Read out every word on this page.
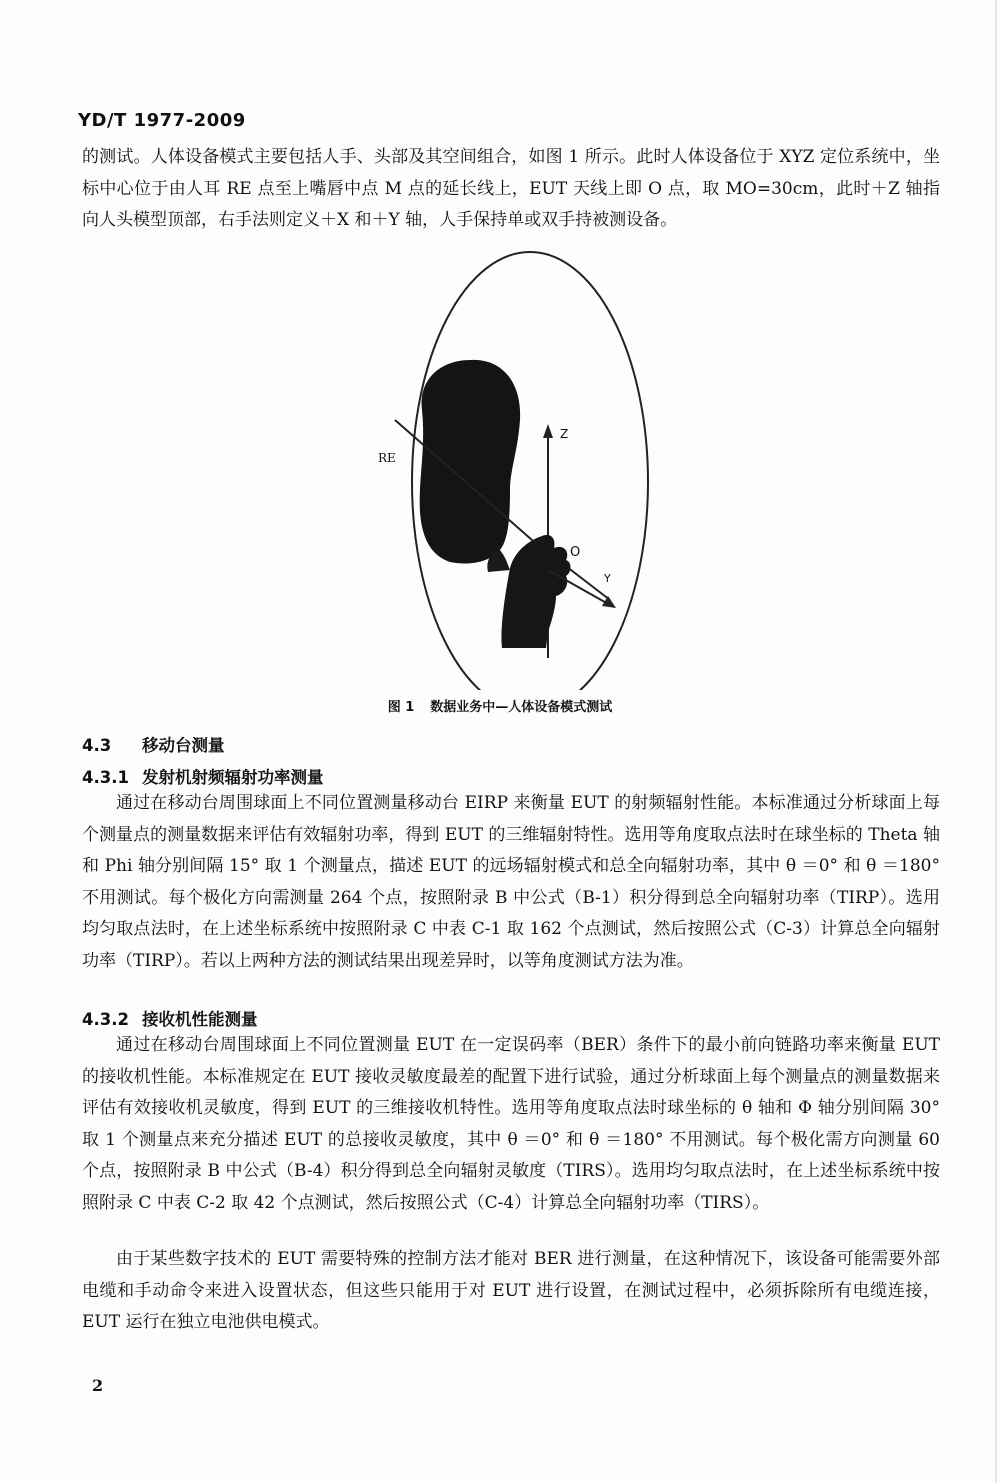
YD/T 1977-2009
的测试。人体设备模式主要包括人手、头部及其空间组合，如图 1 所示。此时人体设备位于 XYZ 定位系统中，坐标中心位于由人耳 RE 点至上嘴唇中点 M 点的延长线上，EUT 天线上即 O 点，取 MO=30cm，此时＋Z 轴指向人头模型顶部，右手法则定义＋X 和＋Y 轴，人手保持单或双手持被测设备。
RE
Z
O
Y
图 1 数据业务中—人体设备模式测试
4.3 移动台测量
4.3.1 发射机射频辐射功率测量
通过在移动台周围球面上不同位置测量移动台 EIRP 来衡量 EUT 的射频辐射性能。本标准通过分析球面上每个测量点的测量数据来评估有效辐射功率，得到 EUT 的三维辐射特性。选用等角度取点法时在球坐标的 Theta 轴和 Phi 轴分别间隔 15° 取 1 个测量点，描述 EUT 的远场辐射模式和总全向辐射功率，其中 θ ＝0° 和 θ ＝180° 不用测试。每个极化方向需测量 264 个点，按照附录 B 中公式（B-1）积分得到总全向辐射功率（TIRP）。选用均匀取点法时，在上述坐标系统中按照附录 C 中表 C-1 取 162 个点测试，然后按照公式（C-3）计算总全向辐射功率（TIRP）。若以上两种方法的测试结果出现差异时，以等角度测试方法为准。
4.3.2 接收机性能测量
通过在移动台周围球面上不同位置测量 EUT 在一定误码率（BER）条件下的最小前向链路功率来衡量 EUT 的接收机性能。本标准规定在 EUT 接收灵敏度最差的配置下进行试验，通过分析球面上每个测量点的测量数据来评估有效接收机灵敏度，得到 EUT 的三维接收机特性。选用等角度取点法时球坐标的 θ 轴和 Φ 轴分别间隔 30° 取 1 个测量点来充分描述 EUT 的总接收灵敏度，其中 θ ＝0° 和 θ ＝180° 不用测试。每个极化需方向测量 60 个点，按照附录 B 中公式（B-4）积分得到总全向辐射灵敏度（TIRS）。选用均匀取点法时，在上述坐标系统中按照附录 C 中表 C-2 取 42 个点测试，然后按照公式（C-4）计算总全向辐射功率（TIRS）。
由于某些数字技术的 EUT 需要特殊的控制方法才能对 BER 进行测量，在这种情况下，该设备可能需要外部电缆和手动命令来进入设置状态，但这些只能用于对 EUT 进行设置，在测试过程中，必须拆除所有电缆连接，EUT 运行在独立电池供电模式。
2
